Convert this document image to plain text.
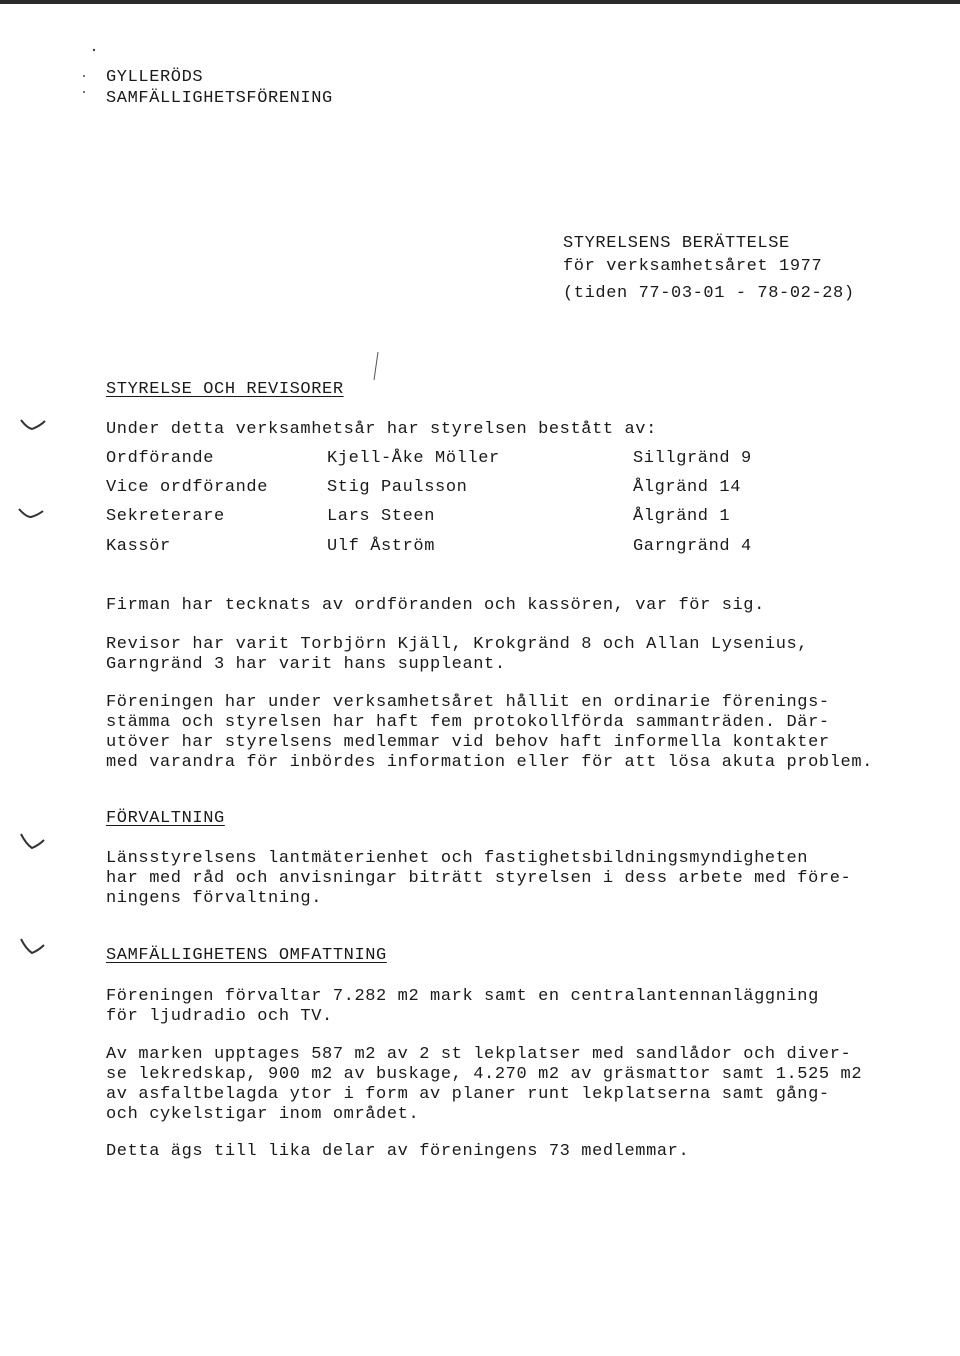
GYLLERÖDS
SAMFÄLLIGHETSFÖRENING
STYRELSENS BERÄTTELSE
för verksamhetsåret 1977
(tiden 77-03-01 - 78-02-28)
STYRELSE OCH REVISORER
Under detta verksamhetsår har styrelsen bestått av:
Ordförande	Kjell-Åke Möller	Sillgränd 9
Vice ordförande	Stig Paulsson	Ålgränd 14
Sekreterare	Lars Steen	Ålgränd 1
Kassör	Ulf Åström	Garngränd 4
Firman har tecknats av ordföranden och kassören, var för sig.
Revisor har varit Torbjörn Kjäll, Krokgränd 8 och Allan Lysenius,
Garngränd 3 har varit hans suppleant.
Föreningen har under verksamhetsåret hållit en ordinarie förenings-
stämma och styrelsen har haft fem protokollförda sammanträden. Där-
utöver har styrelsens medlemmar vid behov haft informella kontakter
med varandra för inbördes information eller för att lösa akuta problem.
FÖRVALTNING
Länsstyrelsens lantmäterienhet och fastighetsbildningsmyndigheten
har med råd och anvisningar biträtt styrelsen i dess arbete med före-
ningens förvaltning.
SAMFÄLLIGHETENS OMFATTNING
Föreningen förvaltar 7.282 m2 mark samt en centralantennanläggning
för ljudradio och TV.
Av marken upptages 587 m2 av 2 st lekplatser med sandlådor och diver-
se lekredskap, 900 m2 av buskage, 4.270 m2 av gräsmattor samt 1.525 m2
av asfaltbelagda ytor i form av planer runt lekplatserna samt gång-
och cykelstigar inom området.
Detta ägs till lika delar av föreningens 73 medlemmar.
